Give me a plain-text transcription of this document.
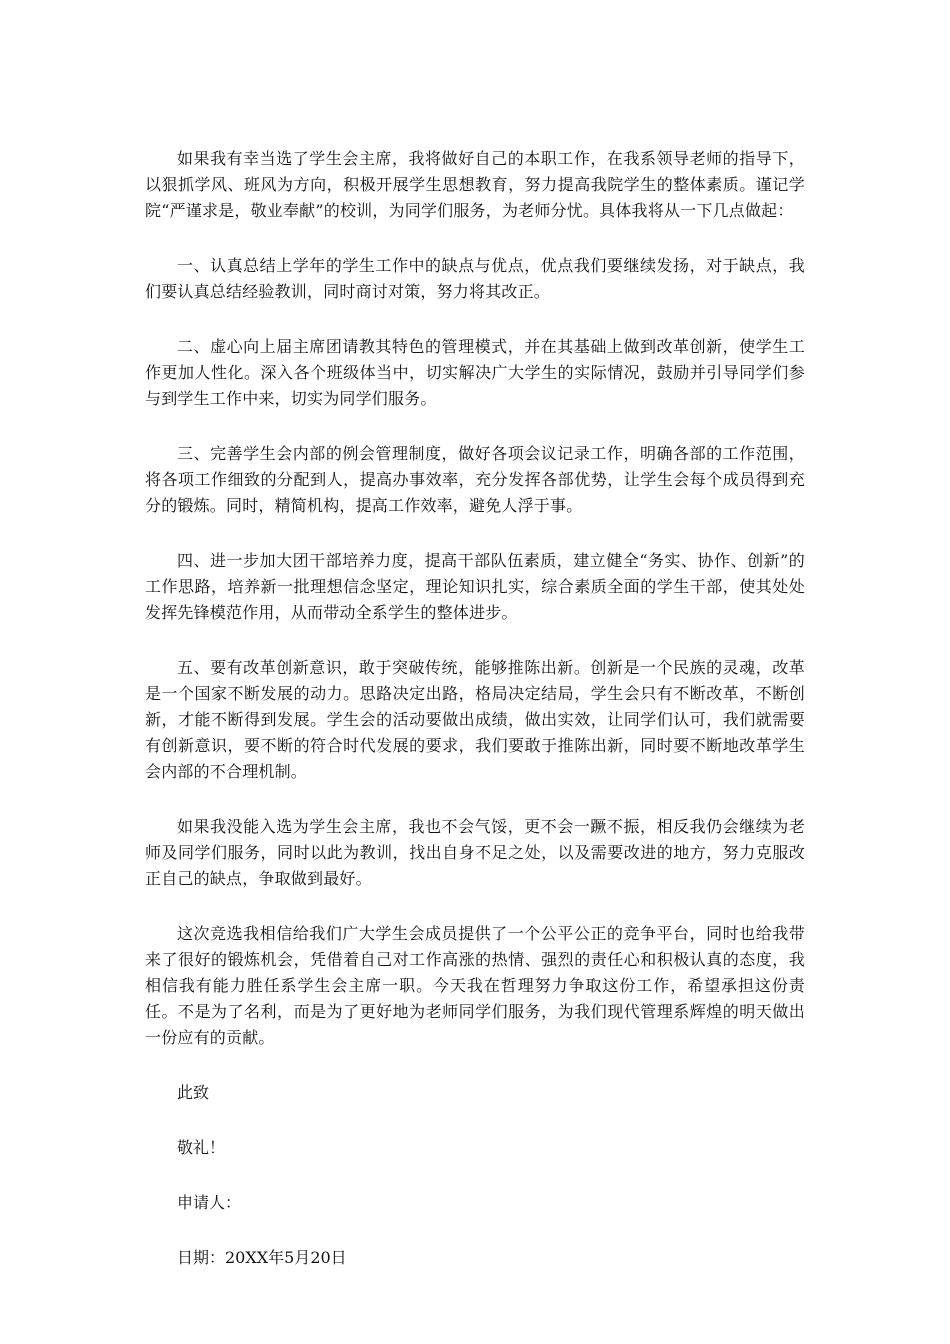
如果我有幸当选了学生会主席，我将做好自己的本职工作，在我系领导老师的指导下，以狠抓学风、班风为方向，积极开展学生思想教育，努力提高我院学生的整体素质。谨记学院“严谨求是，敬业奉献”的校训，为同学们服务，为老师分忧。具体我将从一下几点做起：

一、认真总结上学年的学生工作中的缺点与优点，优点我们要继续发扬，对于缺点，我们要认真总结经验教训，同时商讨对策，努力将其改正。

二、虚心向上届主席团请教其特色的管理模式，并在其基础上做到改革创新，使学生工作更加人性化。深入各个班级体当中，切实解决广大学生的实际情况，鼓励并引导同学们参与到学生工作中来，切实为同学们服务。

三、完善学生会内部的例会管理制度，做好各项会议记录工作，明确各部的工作范围，将各项工作细致的分配到人，提高办事效率，充分发挥各部优势，让学生会每个成员得到充分的锻炼。同时，精简机构，提高工作效率，避免人浮于事。

四、进一步加大团干部培养力度，提高干部队伍素质，建立健全“务实、协作、创新”的工作思路，培养新一批理想信念坚定，理论知识扎实，综合素质全面的学生干部，使其处处发挥先锋模范作用，从而带动全系学生的整体进步。

五、要有改革创新意识，敢于突破传统，能够推陈出新。创新是一个民族的灵魂，改革是一个国家不断发展的动力。思路决定出路，格局决定结局，学生会只有不断改革，不断创新，才能不断得到发展。学生会的活动要做出成绩，做出实效，让同学们认可，我们就需要有创新意识，要不断的符合时代发展的要求，我们要敢于推陈出新，同时要不断地改革学生会内部的不合理机制。

如果我没能入选为学生会主席，我也不会气馁，更不会一蹶不振，相反我仍会继续为老师及同学们服务，同时以此为教训，找出自身不足之处，以及需要改进的地方，努力克服改正自己的缺点，争取做到最好。

这次竞选我相信给我们广大学生会成员提供了一个公平公正的竞争平台，同时也给我带来了很好的锻炼机会，凭借着自己对工作高涨的热情、强烈的责任心和积极认真的态度，我相信我有能力胜任系学生会主席一职。今天我在哲理努力争取这份工作，希望承担这份责任。不是为了名利，而是为了更好地为老师同学们服务，为我们现代管理系辉煌的明天做出一份应有的贡献。

此致

敬礼！

申请人：

日期：20XX年5月20日
